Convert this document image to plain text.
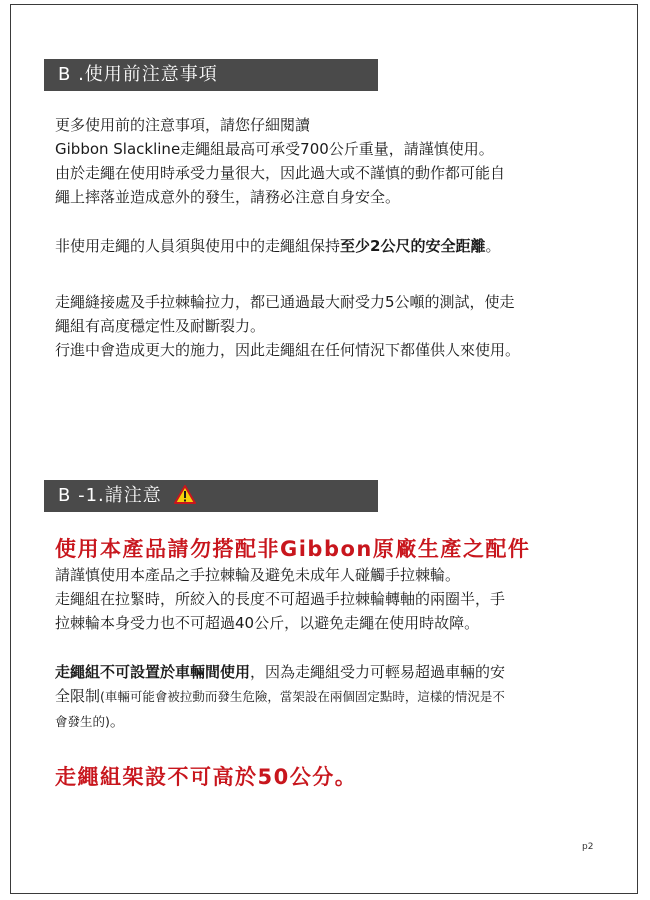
B .使用前注意事項

更多使用前的注意事項，請您仔細閱讀

Gibbon Slackline走繩組最高可承受700公斤重量，請謹慎使用。

由於走繩在使用時承受力量很大，因此過大或不謹慎的動作都可能自

繩上摔落並造成意外的發生，請務必注意自身安全。

非使用走繩的人員須與使用中的走繩組保持至少2公尺的安全距離。

走繩縫接處及手拉棘輪拉力，都已通過最大耐受力5公噸的測試，使走

繩組有高度穩定性及耐斷裂力。

行進中會造成更大的施力，因此走繩組在任何情況下都僅供人來使用。

B -1.請注意
使用本產品請勿搭配非Gibbon原廠生產之配件

請謹慎使用本產品之手拉棘輪及避免未成年人碰觸手拉棘輪。

走繩組在拉緊時，所絞入的長度不可超過手拉棘輪轉軸的兩圈半，手

拉棘輪本身受力也不可超過40公斤，以避免走繩在使用時故障。

走繩組不可設置於車輛間使用，因為走繩組受力可輕易超過車輛的安

全限制(車輛可能會被拉動而發生危險，當架設在兩個固定點時，這樣的情況是不

會發生的)。

走繩組架設不可高於50公分。
p2
